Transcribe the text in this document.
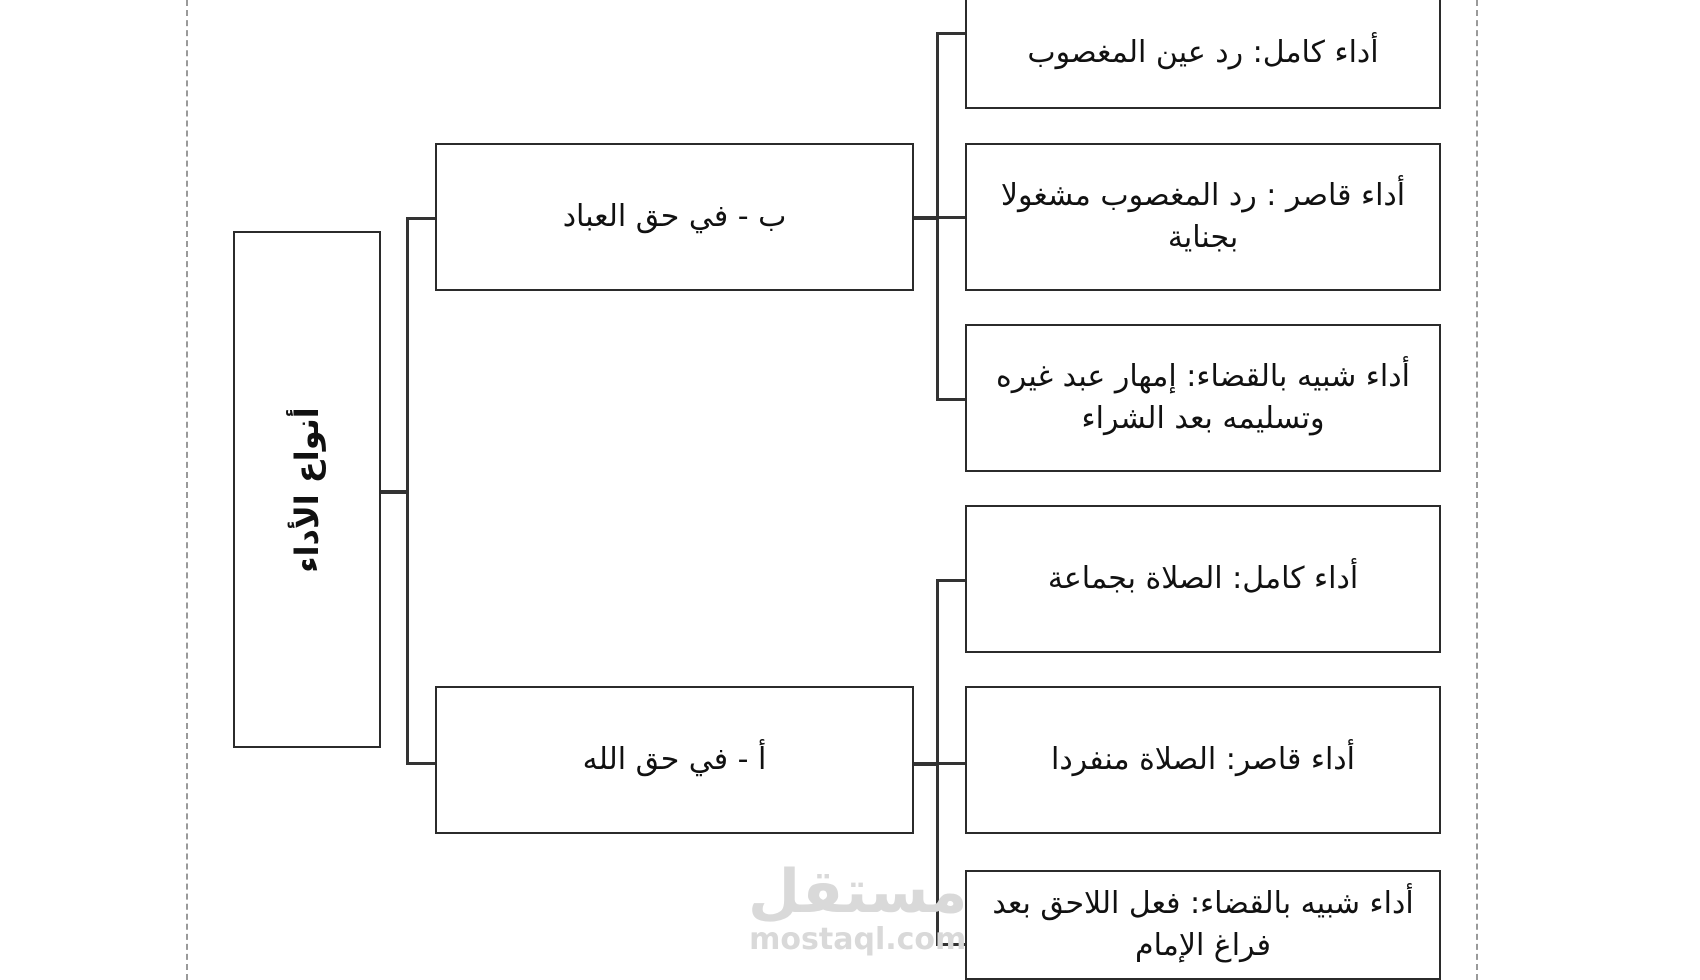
أنواع الأداء
ب - في حق العباد
أ - في حق الله
أداء كامل: رد عين المغصوب
أداء قاصر : رد المغصوب مشغولا بجناية
أداء شبيه بالقضاء: إمهار عبد غيره وتسليمه بعد الشراء
أداء كامل: الصلاة بجماعة
أداء قاصر: الصلاة منفردا
أداء شبيه بالقضاء: فعل اللاحق بعد فراغ الإمام
مستقل
mostaql.com
